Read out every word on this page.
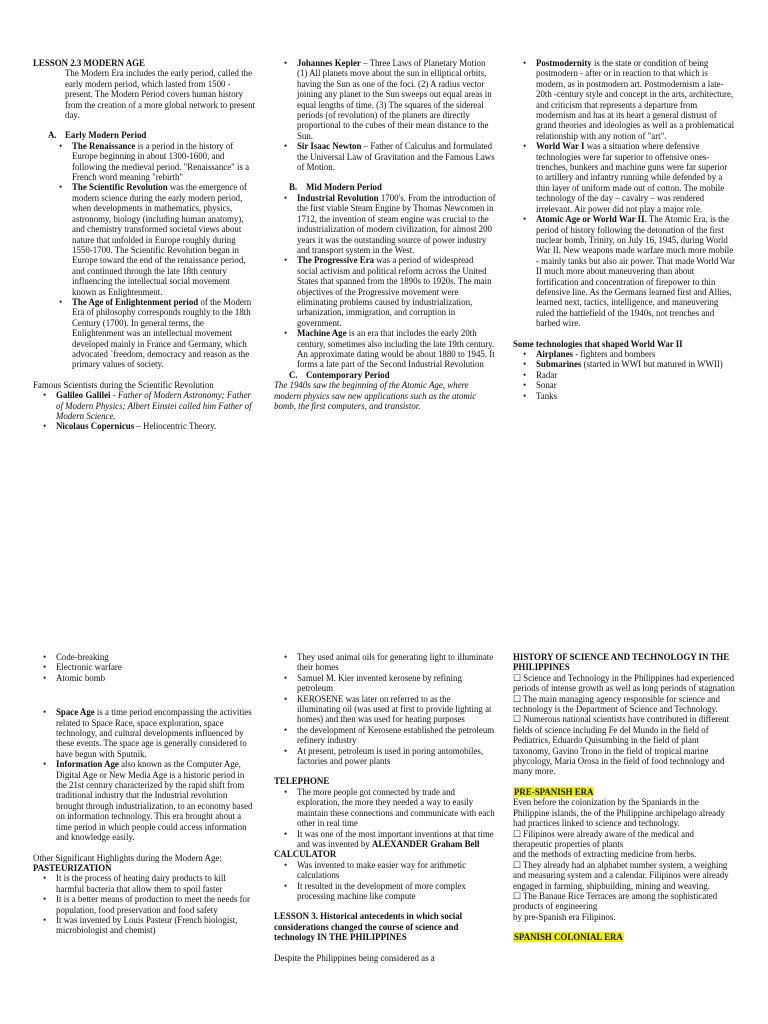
LESSON 2.3 MODERN AGE

The Modern Era includes the early period, called the early modern period, which lasted from 1500 - present. The Modern Period covers human history from the creation of a more global network to present day.

A. Early Modern Period

• The Renaissance is a period in the history of Europe beginning in about 1300-1600, and following the medieval period. "Renaissance" is a French word meaning "rebirth"
• The Scientific Revolution was the emergence of modern science during the early modern period, when developments in mathematics, physics, astronomy, biology (including human anatomy), and chemistry transformed societal views about nature that unfolded in Europe roughly during 1550-1700. The Scientific Revolution began in Europe toward the end of the renaissance period, and continued through the late 18th century influencing the intellectual social movement known as Enlightenment.
• The Age of Enlightenment period of the Modern Era of philosophy corresponds roughly to the 18th Century (1700). In general terms, the Enlightenment was an intellectual movement developed mainly in France and Germany, which advocated `freedom, democracy and reason as the primary values of society.

Famous Scientists during the Scientific Revolution

• Galileo Galilei - Father of Modern Astronomy; Father of Modern Physics; Albert Einstei called him Father of Modern Science.
• Nicolaus Copernicus – Heliocentric Theory.
• Johannes Kepler – Three Laws of Planetary Motion (1) All planets move about the sun in elliptical orbits, having the Sun as one of the foci. (2) A radius vector joining any planet to the Sun sweeps out equal areas in equal lengths of time. (3) The squares of the sidereal periods (of revolution) of the planets are directly proportional to the cubes of their mean distance to the Sun.
• Sir Isaac Newton – Father of Calculus and formulated the Universal Law of Gravitation and the Famous Laws of Motion.

B. Mid Modern Period

• Industrial Revolution 1700's. From the introduction of the first viable Steam Engine by Thomas Newcomen in 1712, the invention of steam engine was crucial to the industrialization of modern civilization, for almost 200 years it was the outstanding source of power industry and transport system in the West.
• The Progressive Era was a period of widespread social activism and political reform across the United States that spanned from the 1890s to 1920s. The main objectives of the Progressive movement were eliminating problems caused by industrialization, urbanization, immigration, and corruption in government.
• Machine Age is an era that includes the early 20th century, sometimes also including the late 19th century. An approximate dating would be about 1880 to 1945. It forms a late part of the Second Industrial Revolution

C. Contemporary Period

The 1940s saw the beginning of the Atomic Age, where modern physics saw new applications such as the atomic bomb, the first computers, and transistor.

• Postmodernity is the state or condition of being postmodern - after or in reaction to that which is modern, as in postmodern art. Postmodernism a late-20th -century style and concept in the arts, architecture, and criticism that represents a departure from modernism and has at its heart a general distrust of grand theories and ideologies as well as a problematical relationship with any notion of "art".
• World War I was a situation where defensive technologies were far superior to offensive ones-trenches, bunkers and machine guns were far superior to artillery and infantry running while defended by a thin layer of uniform made out of cotton. The mobile technology of the day – cavalry – was rendered irrelevant. Air power did not play a major role.
• Atomic Age or World War II. The Atomic Era, is the period of history following the detonation of the first nuclear bomb, Trinity, on July 16, 1945, during World War II. New weapons made warfare much more mobile - mainly tanks but also air power. That made World War II much more about maneuvering than about fortification and concentration of firepower to thin defensive line. As the Germans learned first and Allies, learned next, tactics, intelligence, and maneuvering ruled the battlefield of the 1940s, not trenches and barbed wire.

Some technologies that shaped World War II

• Airplanes - fighters and bombers
• Submarines (started in WWI but matured in WWII)
• Radar
• Sonar
• Tanks
• Code-breaking
• Electronic warfare
• Atomic bomb
• Space Age is a time period encompassing the activities related to Space Race, space exploration, space technology, and cultural developments influenced by these events. The space age is generally considered to have begun with Sputnik.
• Information Age also known as the Computer Age, Digital Age or New Media Age is a historic period in the 21st century characterized by the rapid shift from traditional industry that the Industrial revolution brought through industrialization, to an economy based on information technology. This era brought about a time period in which people could access information and knowledge easily.

Other Significant Highlights during the Modern Age:

PASTEURIZATION

• It is the process of heating dairy products to kill harmful bacteria that allow them to spoil faster
• It is a better means of production to meet the needs for population, food preservation and food safety
• It was invented by Louis Pasteur (French biologist, microbiologist and chemist)
• They used animal oils for generating light to illuminate their homes
• Samuel M. Kier invented kerosene by refining petroleum
• KEROSENE was later on referred to as the illuminating oil (was used at first to provide lighting at homes) and then was used for heating purposes
• the development of Kerosene established the petroleum refinery industry
• At present, petroleum is used in poring automobiles, factories and power plants

TELEPHONE

• The more people got connected by trade and exploration, the more they needed a way to easily maintain these connections and communicate with each other in real time
• It was one of the most important inventions at that time and was invented by ALEXANDER Graham Bell

CALCULATOR

• Was invented to make easier way for arithmetic calculations
• It resulted in the development of more complex processing machine like compute

LESSON 3. Historical antecedents in which social considerations changed the course of science and technology IN THE PHILIPPINES

Despite the Philippines being considered as a

HISTORY OF SCIENCE AND TECHNOLOGY IN THE PHILIPPINES

☐ Science and Technology in the Philippines had experienced periods of intense growth as well as long periods of stagnation

☐ The main managing agency responsible for science and technology is the Department of Science and Technology.

☐ Numerous national scientists have contributed in different fields of science including Fe del Mundo in the field of Pediatrics, Eduardo Quisumbing in the field of plant taxonomy, Gavino Trono in the field of tropical marine phycology, Maria Orosa in the field of food technology and many more.

PRE-SPANISH ERA

Even before the colonization by the Spaniards in the Philippine islands, the of the Philippine archipelago already had practices linked to science and technology.

☐ Filipinos were already aware of the medical and therapeutic properties of plants

and the methods of extracting medicine from herbs.

☐ They already had an alphabet number system, a weighing and measuring system and a calendar. Filipinos were already engaged in farming, shipbuilding, mining and weaving.

☐ The Banaue Rice Terraces are among the sophisticated products of engineering

by pre-Spanish era Filipinos.

SPANISH COLONIAL ERA
